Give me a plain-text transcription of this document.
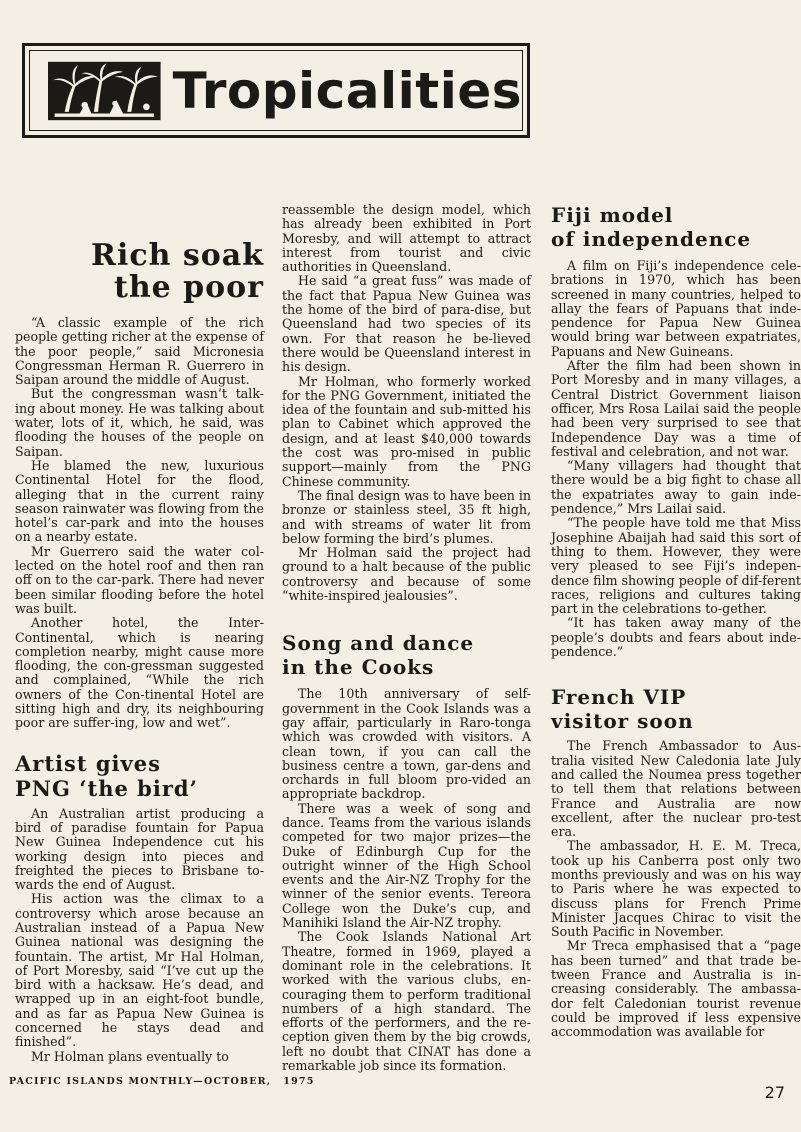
Tropicalities
Rich soak
the poor

“A classic example of the rich people getting richer at the expense of the poor people,” said Micronesia Congressman Herman R. Guerrero in Saipan around the middle of August.

But the congressman wasn’t talk-ing about money. He was talking about water, lots of it, which, he said, was flooding the houses of the people on Saipan.

He blamed the new, luxurious Continental Hotel for the flood, alleging that in the current rainy season rainwater was flowing from the hotel’s car-park and into the houses on a nearby estate.

Mr Guerrero said the water col-lected on the hotel roof and then ran off on to the car-park. There had never been similar flooding before the hotel was built.

Another hotel, the Inter-Continental, which is nearing completion nearby, might cause more flooding, the con-gressman suggested and complained, “While the rich owners of the Con-tinental Hotel are sitting high and dry, its neighbouring poor are suffer-ing, low and wet”.

Artist gives
PNG ‘the bird’

An Australian artist producing a bird of paradise fountain for Papua New Guinea Independence cut his working design into pieces and freighted the pieces to Brisbane to-wards the end of August.

His action was the climax to a controversy which arose because an Australian instead of a Papua New Guinea national was designing the fountain. The artist, Mr Hal Holman, of Port Moresby, said “I’ve cut up the bird with a hacksaw. He’s dead, and wrapped up in an eight-foot bundle, and as far as Papua New Guinea is concerned he stays dead and finished”.

Mr Holman plans eventually to

reassemble the design model, which has already been exhibited in Port Moresby, and will attempt to attract interest from tourist and civic authorities in Queensland.

He said “a great fuss” was made of the fact that Papua New Guinea was the home of the bird of para-dise, but Queensland had two species of its own. For that reason he be-lieved there would be Queensland interest in his design.

Mr Holman, who formerly worked for the PNG Government, initiated the idea of the fountain and sub-mitted his plan to Cabinet which approved the design, and at least $40,000 towards the cost was pro-mised in public support—mainly from the PNG Chinese community.

The final design was to have been in bronze or stainless steel, 35 ft high, and with streams of water lit from below forming the bird’s plumes.

Mr Holman said the project had ground to a halt because of the public controversy and because of some “white-inspired jealousies”.

Song and dance
in the Cooks

The 10th anniversary of self-government in the Cook Islands was a gay affair, particularly in Raro-tonga which was crowded with visitors. A clean town, if you can call the business centre a town, gar-dens and orchards in full bloom pro-vided an appropriate backdrop.

There was a week of song and dance. Teams from the various islands competed for two major prizes—the Duke of Edinburgh Cup for the outright winner of the High School events and the Air-NZ Trophy for the winner of the senior events. Tereora College won the Duke’s cup, and Manihiki Island the Air-NZ trophy.

The Cook Islands National Art Theatre, formed in 1969, played a dominant role in the celebrations. It worked with the various clubs, en-couraging them to perform traditional numbers of a high standard. The efforts of the performers, and the re-ception given them by the big crowds, left no doubt that CINAT has done a remarkable job since its formation.

Fiji model
of independence

A film on Fiji’s independence cele-brations in 1970, which has been screened in many countries, helped to allay the fears of Papuans that inde-pendence for Papua New Guinea would bring war between expatriates, Papuans and New Guineans.

After the film had been shown in Port Moresby and in many villages, a Central District Government liaison officer, Mrs Rosa Lailai said the people had been very surprised to see that Independence Day was a time of festival and celebration, and not war.

“Many villagers had thought that there would be a big fight to chase all the expatriates away to gain inde-pendence,” Mrs Lailai said.

“The people have told me that Miss Josephine Abaijah had said this sort of thing to them. However, they were very pleased to see Fiji’s indepen-dence film showing people of dif-ferent races, religions and cultures taking part in the celebrations to-gether.

“It has taken away many of the people’s doubts and fears about inde-pendence.”

French VIP
visitor soon

The French Ambassador to Aus-tralia visited New Caledonia late July and called the Noumea press together to tell them that relations between France and Australia are now excellent, after the nuclear pro-test era.

The ambassador, H. E. M. Treca, took up his Canberra post only two months previously and was on his way to Paris where he was expected to discuss plans for French Prime Minister Jacques Chirac to visit the South Pacific in November.

Mr Treca emphasised that a “page has been turned” and that trade be-tween France and Australia is in-creasing considerably. The ambassa-dor felt Caledonian tourist revenue could be improved if less expensive accommodation was available for

PACIFIC ISLANDS MONTHLY—OCTOBER, 1975
27
